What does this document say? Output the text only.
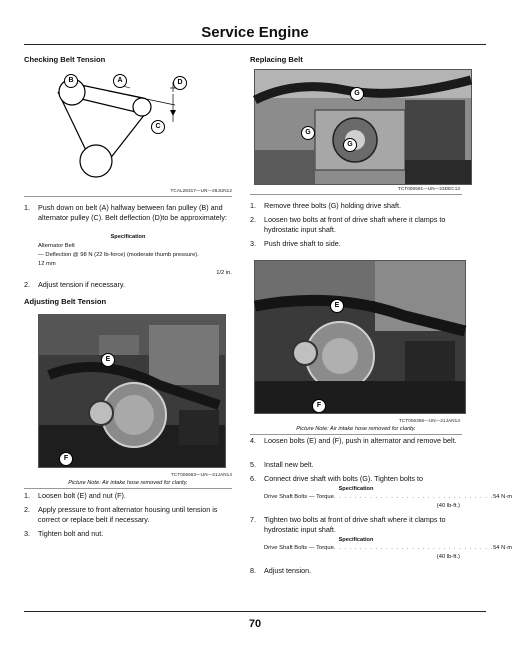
Service Engine
Checking Belt Tension
B	A	D
C
TCAL28317—UN—28JUN12
1. Push down on belt (A) halfway between fan pulley (B) and alternator pulley (C). Belt deflection (D)to be approximately:
Specification
Alternator Belt
— Deflection @ 98 N (22 lb-force) (moderate thumb pressure).
12 mm
1/2 in.
2. Adjust tension if necessary.
Adjusting Belt Tension
E
F
TCT006583—UN—21JAN14
Picture Note: Air intake hose removed for clarity.
1. Loosen bolt (E) and nut (F).
2. Apply pressure to front alternator housing until tension is correct or replace belt if necessary.
3. Tighten bolt and nut.
Replacing Belt
G
G
G
TCT006591—UN—23DEC13
1. Remove three bolts (G) holding drive shaft.
2. Loosen two bolts at front of drive shaft where it clamps to hydrostatic input shaft.
3. Push drive shaft to side.
E
F
TCT006356—UN—21JAN14
Picture Note: Air intake hose removed for clarity.
4. Loosen bolts (E) and (F), push in alternator and remove belt.
5. Install new belt.
6. Connect drive shaft with bolts (G). Tighten bolts to
Specification
Drive Shaft Bolts — Torque . . . . . . . . . . . . . . . . . . . . . . . . . . . . . . . 54 N·m
(40 lb-ft.)
7. Tighten two bolts at front of drive shaft where it clamps to hydrostatic input shaft.
Specification
Drive Shaft Bolts — Torque . . . . . . . . . . . . . . . . . . . . . . . . . . . . . . . 54 N·m
(40 lb-ft.)
8. Adjust tension.
70
